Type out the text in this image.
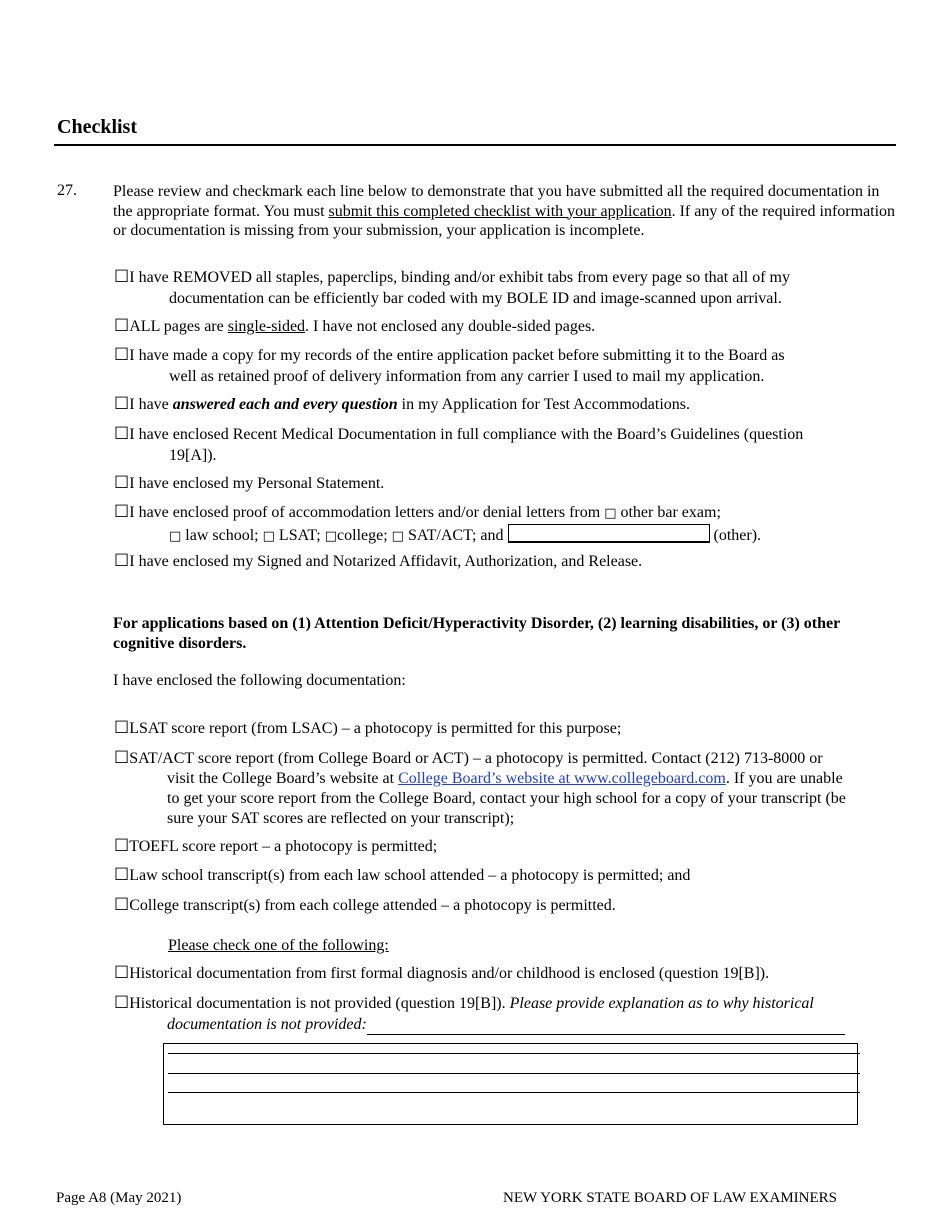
Checklist
27. Please review and checkmark each line below to demonstrate that you have submitted all the required documentation in the appropriate format. You must submit this completed checklist with your application. If any of the required information or documentation is missing from your submission, your application is incomplete.
☐I have REMOVED all staples, paperclips, binding and/or exhibit tabs from every page so that all of my
documentation can be efficiently bar coded with my BOLE ID and image-scanned upon arrival.
☐ALL pages are single-sided. I have not enclosed any double-sided pages.
☐I have made a copy for my records of the entire application packet before submitting it to the Board as
well as retained proof of delivery information from any carrier I used to mail my application.
☐I have answered each and every question in my Application for Test Accommodations.
☐I have enclosed Recent Medical Documentation in full compliance with the Board’s Guidelines (question
19[A]).
☐I have enclosed my Personal Statement.
☐I have enclosed proof of accommodation letters and/or denial letters from □ other bar exam;
□ law school; □ LSAT; □college; □ SAT/ACT; and	(other).
☐I have enclosed my Signed and Notarized Affidavit, Authorization, and Release.
For applications based on (1) Attention Deficit/Hyperactivity Disorder, (2) learning disabilities, or (3) other cognitive disorders.
I have enclosed the following documentation:
☐LSAT score report (from LSAC) – a photocopy is permitted for this purpose;
☐SAT/ACT score report (from College Board or ACT) – a photocopy is permitted. Contact (212) 713-8000 or
visit the College Board’s website at College Board’s website at www.collegeboard.com. If you are unable
to get your score report from the College Board, contact your high school for a copy of your transcript (be
sure your SAT scores are reflected on your transcript);
☐TOEFL score report – a photocopy is permitted;
☐Law school transcript(s) from each law school attended – a photocopy is permitted; and
☐College transcript(s) from each college attended – a photocopy is permitted.
Please check one of the following:
☐Historical documentation from first formal diagnosis and/or childhood is enclosed (question 19[B]).
☐Historical documentation is not provided (question 19[B]). Please provide explanation as to why historical
documentation is not provided:
Page A8 (May 2021)	NEW YORK STATE BOARD OF LAW EXAMINERS
